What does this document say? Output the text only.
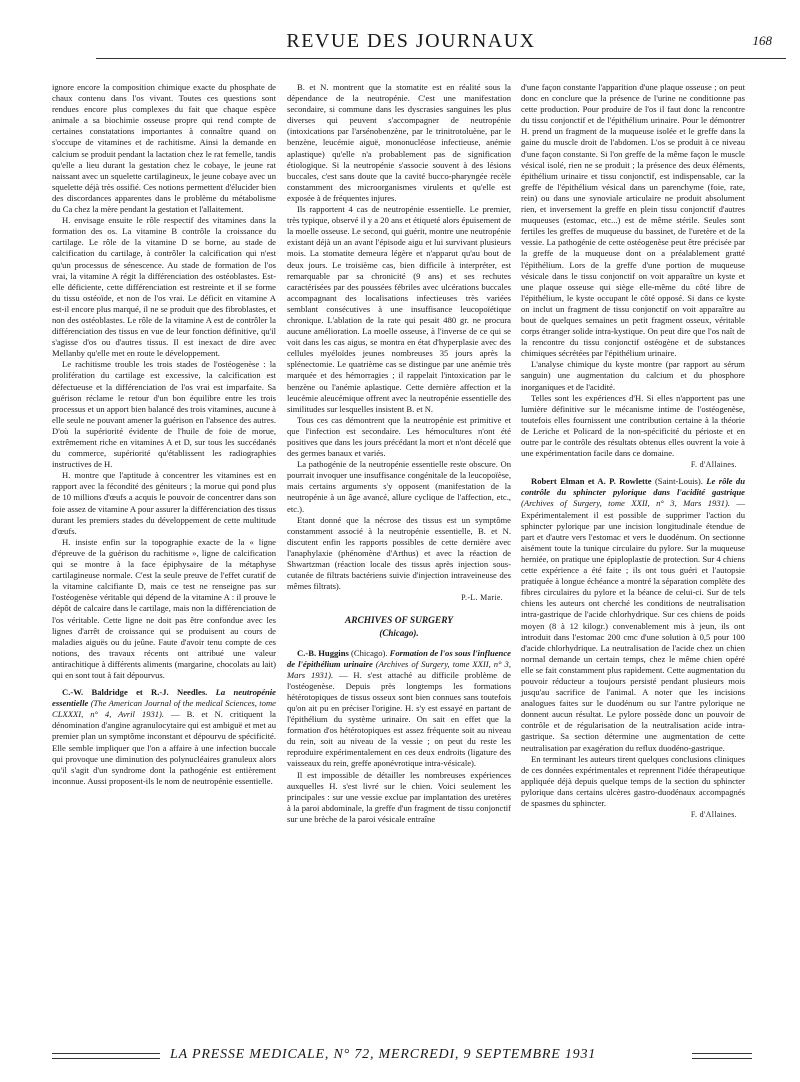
REVUE DES JOURNAUX	168

ignore encore la composition chimique exacte du phosphate de chaux contenu dans l'os vivant. Toutes ces questions sont rendues encore plus complexes du fait que chaque espèce animale a sa biochimie osseuse propre qui rend compte de certaines constatations importantes à connaître quand on s'occupe de vitamines et de rachitisme. Ainsi la demande en calcium se produit pendant la lactation chez le rat femelle, tandis qu'elle a lieu durant la gestation chez le cobaye, le jeune rat naissant avec un squelette cartilagineux, le jeune cobaye avec un squelette déjà très ossifié. Ces notions permettent d'élucider bien des discordances apparentes dans le problème du métabolisme du Ca chez la mère pendant la gestation et l'allaitement.

H. envisage ensuite le rôle respectif des vitamines dans la formation des os. La vitamine B contrôle la croissance du cartilage. Le rôle de la vitamine D se borne, au stade de calcification du cartilage, à contrôler la calcification qui n'est qu'un processus de sénescence. Au stade de formation de l'os vrai, la vitamine A régit la différenciation des ostéoblastes. Est-elle déficiente, cette différenciation est restreinte et il se forme du tissu ostéoïde, et non de l'os vrai. Le déficit en vitamine A est-il encore plus marqué, il ne se produit que des fibroblastes, et non des ostéoblastes. Le rôle de la vitamine A est de contrôler la différenciation des tissus en vue de leur fonction définitive, qu'il s'agisse d'os ou d'autres tissus. Il est inexact de dire avec Mellanby qu'elle met en route le développement.

Le rachitisme trouble les trois stades de l'ostéogenèse : la prolifération du cartilage est excessive, la calcification est défectueuse et la différenciation de l'os vrai est imparfaite. Sa guérison réclame le retour d'un bon équilibre entre les trois processus et un apport bien balancé des trois vitamines, aucune à elle seule ne pouvant amener la guérison en l'absence des autres. D'où la supériorité évidente de l'huile de foie de morue, extrêmement riche en vitamines A et D, sur tous les succédanés du commerce, supériorité qu'établissent les radiographies instructives de H.

H. montre que l'aptitude à concentrer les vitamines est en rapport avec la fécondité des géniteurs ; la morue qui pond plus de 10 millions d'œufs a acquis le pouvoir de concentrer dans son foie assez de vitamine A pour assurer la différenciation des tissus durant les premiers stades du développement de cette multitude d'œufs.

H. insiste enfin sur la topographie exacte de la « ligne d'épreuve de la guérison du rachitisme », ligne de calcification qui se montre à la face épiphysaire de la métaphyse cartilagineuse normale. C'est la seule preuve de l'effet curatif de la vitamine calcifiante D, mais ce test ne renseigne pas sur l'ostéogenèse véritable qui dépend de la vitamine A : il prouve le dépôt de calcaire dans le cartilage, mais non la différenciation de l'os véritable. Cette ligne ne doit pas être confondue avec les lignes d'arrêt de croissance qui se produisent au cours de maladies aiguës ou du jeûne. Faute d'avoir tenu compte de ces notions, des travaux récents ont attribué une valeur antirachitique à différents aliments (margarine, chocolats au lait) qui en sont tout à fait dépourvus.

C.-W. Baldridge et R.-J. Needles. La neutropénie essentielle (The American Journal of the medical Sciences, tome CLXXXI, n° 4, Avril 1931). — B. et N. critiquent la dénomination d'angine agranulocytaire qui est ambiguë et met au premier plan un symptôme inconstant et dépourvu de spécificité. Elle semble impliquer que l'on a affaire à une infection buccale qui provoque une diminution des polynucléaires granuleux alors qu'il s'agit d'un syndrome dont la pathogénie est entièrement inconnue. Aussi proposent-ils le nom de neutropénie essentielle.

B. et N. montrent que la stomatite est en réalité sous la dépendance de la neutropénie. C'est une manifestation secondaire, si commune dans les dyscrasies sanguines les plus diverses qui peuvent s'accompagner de neutropénie (intoxications par l'arsénobenzène, par le trinitrotoluène, par le benzène, leucémie aiguë, mononucléose infectieuse, anémie aplastique) qu'elle n'a probablement pas de signification étiologique. Si la neutropénie s'associe souvent à des lésions buccales, c'est sans doute que la cavité bucco-pharyngée recèle constamment des microorganismes virulents et qu'elle est exposée à de fréquentes injures.

Ils rapportent 4 cas de neutropénie essentielle. Le premier, très typique, observé il y a 20 ans et étiqueté alors épuisement de la moelle osseuse. Le second, qui guérit, montre une neutropénie existant déjà un an avant l'épisode aigu et lui survivant plusieurs mois. La stomatite demeura légère et n'apparut qu'au bout de deux jours. Le troisième cas, bien difficile à interpréter, est remarquable par sa chronicité (9 ans) et ses rechutes caractérisées par des poussées fébriles avec ulcérations buccales accompagnant des localisations infectieuses très variées semblant consécutives à une insuffisance leucopoïétique chronique. L'ablation de la rate qui pesait 480 gr. ne procura aucune amélioration. La moelle osseuse, à l'inverse de ce qui se voit dans les cas aigus, se montra en état d'hyperplasie avec des cellules myéloïdes jeunes nombreuses 35 jours après la splénectomie. Le quatrième cas se distingue par une anémie très marquée et des hémorragies ; il rappelait l'intoxication par le benzène ou l'anémie aplastique. Cette dernière affection et la leucémie aleucémique offrent avec la neutropénie essentielle des similitudes sur lesquelles insistent B. et N.

Tous ces cas démontrent que la neutropénie est primitive et que l'infection est secondaire. Les hémocultures n'ont été positives que dans les jours précédant la mort et n'ont décelé que des germes banaux et variés.

La pathogénie de la neutropénie essentielle reste obscure. On pourrait invoquer une insuffisance congénitale de la leucopoïèse, mais certains arguments s'y opposent (manifestation de la neutropénie à un âge avancé, allure cyclique de l'affection, etc., etc.).

Etant donné que la nécrose des tissus est un symptôme constamment associé à la neutropénie essentielle, B. et N. discutent enfin les rapports possibles de cette dernière avec l'anaphylaxie (phénomène d'Arthus) et avec la réaction de Shwartzman (réaction locale des tissus après injection sous-cutanée de filtrats bactériens suivie d'injection intraveineuse des mêmes filtrats).

P.-L. Marie.

ARCHIVES OF SURGERY

(Chicago).

C.-B. Huggins (Chicago). Formation de l'os sous l'influence de l'épithélium urinaire (Archives of Surgery, tome XXII, n° 3, Mars 1931). — H. s'est attaché au difficile problème de l'ostéogenèse. Depuis près longtemps les formations hétérotopiques de tissus osseux sont bien connues sans toutefois qu'on ait pu en préciser l'origine. H. s'y est essayé en partant de l'épithélium du système urinaire. On sait en effet que la formation d'os hétérotopiques est assez fréquente soit au niveau du rein, soit au niveau de la vessie ; on peut du reste les reproduire expérimentalement en ces deux endroits (ligature des vaisseaux du rein, greffe aponévrotique intra-vésicale).

Il est impossible de détailler les nombreuses expériences auxquelles H. s'est livré sur le chien. Voici seulement les principales : sur une vessie exclue par implantation des uretères à la paroi abdominale, la greffe d'un fragment de tissu conjonctif sur une brèche de la paroi vésicale entraîne

d'une façon constante l'apparition d'une plaque osseuse ; on peut donc en conclure que la présence de l'urine ne conditionne pas cette production. Pour produire de l'os il faut donc la rencontre du tissu conjonctif et de l'épithélium urinaire. Pour le démontrer H. prend un fragment de la muqueuse isolée et le greffe dans la gaine du muscle droit de l'abdomen. L'os se produit à ce niveau d'une façon constante. Si l'on greffe de la même façon le muscle vésical isolé, rien ne se produit ; la présence des deux éléments, épithélium urinaire et tissu conjonctif, est indispensable, car la greffe de l'épithélium vésical dans un parenchyme (foie, rate, rein) ou dans une synoviale articulaire ne produit absolument rien, et inversement la greffe en plein tissu conjonctif d'autres muqueuses (estomac, etc...) est de même stérile. Seules sont fertiles les greffes de muqueuse du bassinet, de l'uretère et de la vessie. La pathogénie de cette ostéogenèse peut être précisée par la greffe de la muqueuse dont on a préalablement gratté l'épithélium. Lors de la greffe d'une portion de muqueuse vésicale dans le tissu conjonctif on voit apparaître un kyste et une plaque osseuse qui siège elle-même du côté libre de l'épithélium, le kyste occupant le côté opposé. Si dans ce kyste on inclut un fragment de tissu conjonctif on voit apparaître au bout de quelques semaines un petit fragment osseux, véritable corps étranger solide intra-kystique. On peut dire que l'os naît de la rencontre du tissu conjonctif ostéogène et de substances chimiques sécrétées par l'épithélium urinaire.

L'analyse chimique du kyste montre (par rapport au sérum sanguin) une augmentation du calcium et du phosphore inorganiques et de l'acidité.

Telles sont les expériences d'H. Si elles n'apportent pas une lumière définitive sur le mécanisme intime de l'ostéogenèse, toutefois elles fournissent une contribution certaine à la théorie de Leriche et Policard de la non-spécificité du périoste et en outre par le contrôle des résultats obtenus elles ouvrent la voie à une expérimentation facile dans ce domaine.

F. d'Allaines.

Robert Elman et A. P. Rowlette (Saint-Louis). Le rôle du contrôle du sphincter pylorique dans l'acidité gastrique (Archives of Surgery, tome XXII, n° 3, Mars 1931). — Expérimentalement il est possible de supprimer l'action du sphincter pylorique par une incision longitudinale étendue de part et d'autre vers l'estomac et vers le duodénum. On sectionne aisément toute la tunique circulaire du pylore. Sur la muqueuse herniée, on pratique une épiploplastie de protection. Sur 4 chiens cette expérience a été faite ; ils ont tous guéri et l'autopsie pratiquée à longue échéance a montré la séparation complète des fibres circulaires du pylore et la béance de celui-ci. Sur de tels chiens les auteurs ont cherché les conditions de neutralisation intra-gastrique de l'acide chlorhydrique. Sur ces chiens de poids moyen (8 à 12 kilogr.) convenablement mis à jeun, ils ont introduit dans l'estomac 200 cmc d'une solution à 0,5 pour 100 d'acide chlorhydrique. La neutralisation de l'acide chez un chien normal demande un certain temps, chez le même chien opéré elle se fait constamment plus rapidement. Cette augmentation du pouvoir réducteur a toujours persisté pendant plusieurs mois jusqu'au sacrifice de l'animal. A noter que les incisions analogues faites sur le duodénum ou sur l'antre pylorique ne donnent aucun résultat. Le pylore possède donc un pouvoir de contrôle et de régularisation de la neutralisation acide intra-gastrique. Sa section détermine une augmentation de cette neutralisation par exagération du reflux duodéno-gastrique.

En terminant les auteurs tirent quelques conclusions cliniques de ces données expérimentales et reprennent l'idée thérapeutique appliquée déjà depuis quelque temps de la section du sphincter pylorique dans certains ulcères gastro-duodénaux accompagnés de spasmes du sphincter.

F. d'Allaines.

LA PRESSE MEDICALE, N° 72, MERCREDI, 9 SEPTEMBRE 1931
